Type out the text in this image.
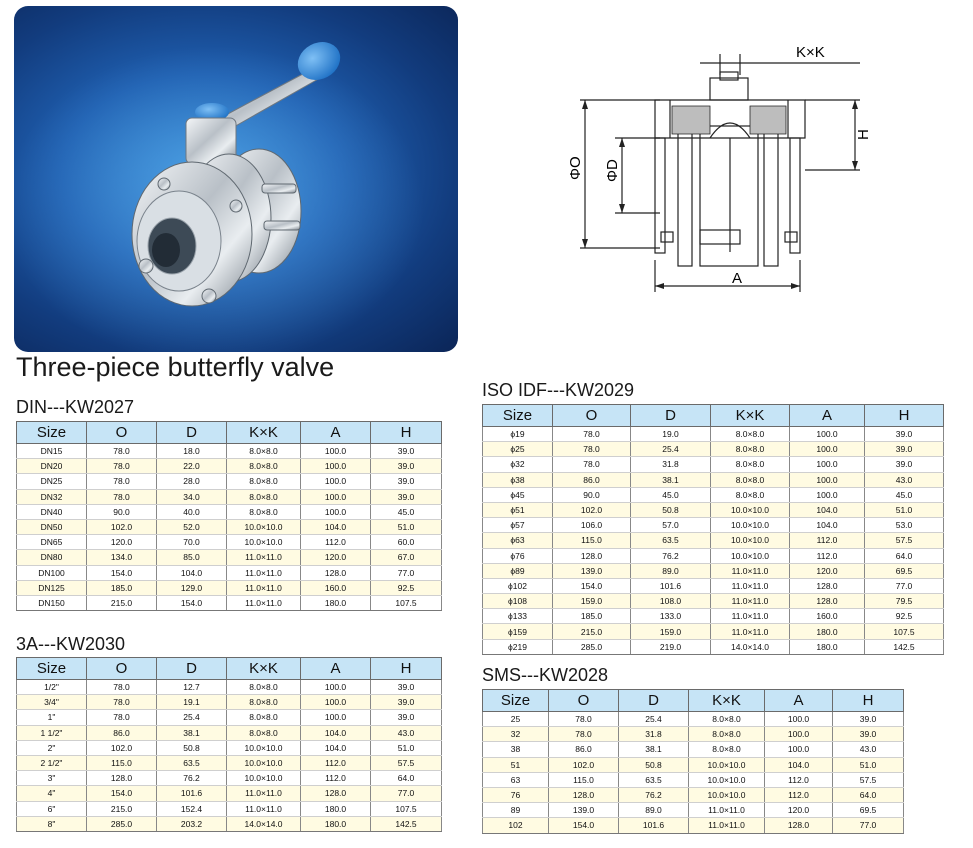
K×K
ΦO ΦD
H
A
Three-piece butterfly valve
DIN---KW2027
Size	O	D	K×K	A	H
DN15	78.0	18.0	8.0×8.0	100.0	39.0
DN20	78.0	22.0	8.0×8.0	100.0	39.0
DN25	78.0	28.0	8.0×8.0	100.0	39.0
DN32	78.0	34.0	8.0×8.0	100.0	39.0
DN40	90.0	40.0	8.0×8.0	100.0	45.0
DN50	102.0	52.0	10.0×10.0	104.0	51.0
DN65	120.0	70.0	10.0×10.0	112.0	60.0
DN80	134.0	85.0	11.0×11.0	120.0	67.0
DN100	154.0	104.0	11.0×11.0	128.0	77.0
DN125	185.0	129.0	11.0×11.0	160.0	92.5
DN150	215.0	154.0	11.0×11.0	180.0	107.5
3A---KW2030
Size	O	D	K×K	A	H
1/2"	78.0	12.7	8.0×8.0	100.0	39.0
3/4"	78.0	19.1	8.0×8.0	100.0	39.0
1"	78.0	25.4	8.0×8.0	100.0	39.0
1 1/2"	86.0	38.1	8.0×8.0	104.0	43.0
2"	102.0	50.8	10.0×10.0	104.0	51.0
2 1/2"	115.0	63.5	10.0×10.0	112.0	57.5
3"	128.0	76.2	10.0×10.0	112.0	64.0
4"	154.0	101.6	11.0×11.0	128.0	77.0
6"	215.0	152.4	11.0×11.0	180.0	107.5
8"	285.0	203.2	14.0×14.0	180.0	142.5
ISO IDF---KW2029
Size	O	D	K×K	A	H
ϕ19	78.0	19.0	8.0×8.0	100.0	39.0
ϕ25	78.0	25.4	8.0×8.0	100.0	39.0
ϕ32	78.0	31.8	8.0×8.0	100.0	39.0
ϕ38	86.0	38.1	8.0×8.0	100.0	43.0
ϕ45	90.0	45.0	8.0×8.0	100.0	45.0
ϕ51	102.0	50.8	10.0×10.0	104.0	51.0
ϕ57	106.0	57.0	10.0×10.0	104.0	53.0
ϕ63	115.0	63.5	10.0×10.0	112.0	57.5
ϕ76	128.0	76.2	10.0×10.0	112.0	64.0
ϕ89	139.0	89.0	11.0×11.0	120.0	69.5
ϕ102	154.0	101.6	11.0×11.0	128.0	77.0
ϕ108	159.0	108.0	11.0×11.0	128.0	79.5
ϕ133	185.0	133.0	11.0×11.0	160.0	92.5
ϕ159	215.0	159.0	11.0×11.0	180.0	107.5
ϕ219	285.0	219.0	14.0×14.0	180.0	142.5
SMS---KW2028
Size	O	D	K×K	A	H
25	78.0	25.4	8.0×8.0	100.0	39.0
32	78.0	31.8	8.0×8.0	100.0	39.0
38	86.0	38.1	8.0×8.0	100.0	43.0
51	102.0	50.8	10.0×10.0	104.0	51.0
63	115.0	63.5	10.0×10.0	112.0	57.5
76	128.0	76.2	10.0×10.0	112.0	64.0
89	139.0	89.0	11.0×11.0	120.0	69.5
102	154.0	101.6	11.0×11.0	128.0	77.0
